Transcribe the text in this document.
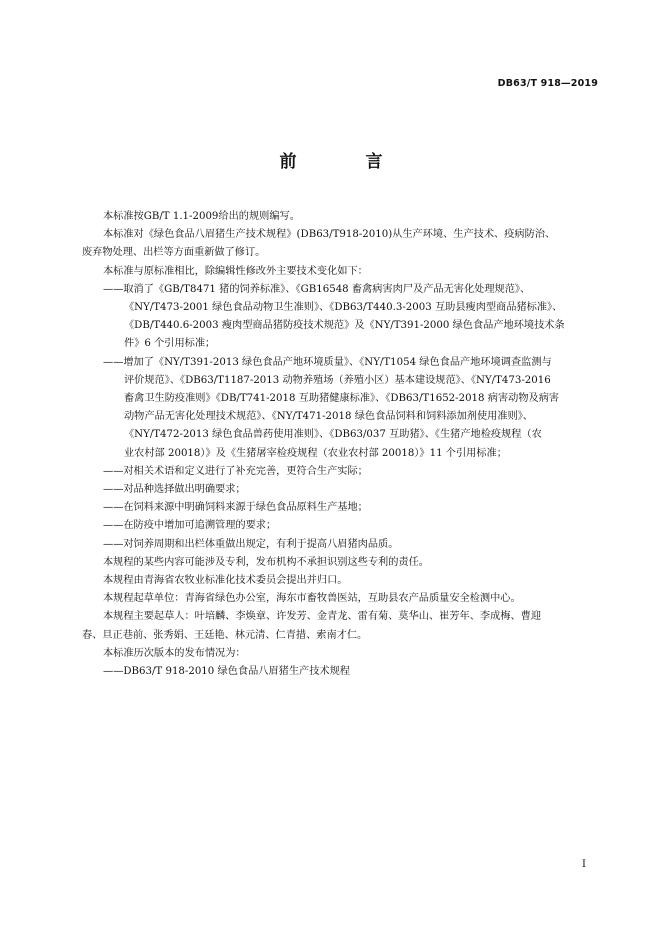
DB63/T 918—2019
前　言

本标准按GB/T 1.1-2009给出的规则编写。

本标准对《绿色食品八眉猪生产技术规程》(DB63/T918-2010)从生产环境、生产技术、疫病防治、
废弃物处理、出栏等方面重新做了修订。

本标准与原标准相比，除编辑性修改外主要技术变化如下：

——取消了《GB/T8471 猪的饲养标准》、《GB16548 畜禽病害肉尸及产品无害化处理规范》、
《NY/T473-2001 绿色食品动物卫生准则》、《DB63/T440.3-2003 互助县瘦肉型商品猪标准》、
《DB/T440.6-2003 瘦肉型商品猪防疫技术规范》及《NY/T391-2000 绿色食品产地环境技术条
件》6 个引用标准；

——增加了《NY/T391-2013 绿色食品产地环境质量》、《NY/T1054 绿色食品产地环境调查监测与
评价规范》、《DB63/T1187-2013 动物养殖场（养殖小区）基本建设规范》、《NY/T473-2016
畜禽卫生防疫准则》《DB/T741-2018 互助猪健康标准》、《DB63/T1652-2018 病害动物及病害
动物产品无害化处理技术规范》、《NY/T471-2018 绿色食品饲料和饲料添加剂使用准则》、
《NY/T472-2013 绿色食品兽药使用准则》、《DB63/037 互助猪》、《生猪产地检疫规程（农
业农村部 20018）》及《生猪屠宰检疫规程（农业农村部 20018）》11 个引用标准；

——对相关术语和定义进行了补充完善，更符合生产实际；

——对品种选择做出明确要求；

——在饲料来源中明确饲料来源于绿色食品原料生产基地；

——在防疫中增加可追溯管理的要求；

——对饲养周期和出栏体重做出规定，有利于提高八眉猪肉品质。

本规程的某些内容可能涉及专利，发布机构不承担识别这些专利的责任。

本规程由青海省农牧业标准化技术委员会提出并归口。

本规程起草单位：青海省绿色办公室，海东市畜牧兽医站，互助县农产品质量安全检测中心。

本规程主要起草人：叶培麟、李焕章、许发芳、金青龙、雷有菊、莫华山、崔芳年、李成梅、曹迎
春、旦正巷前、张秀娟、王廷艳、林元清、仁青措、索南才仁。

本标准历次版本的发布情况为：

——DB63/T 918-2010 绿色食品八眉猪生产技术规程

I
